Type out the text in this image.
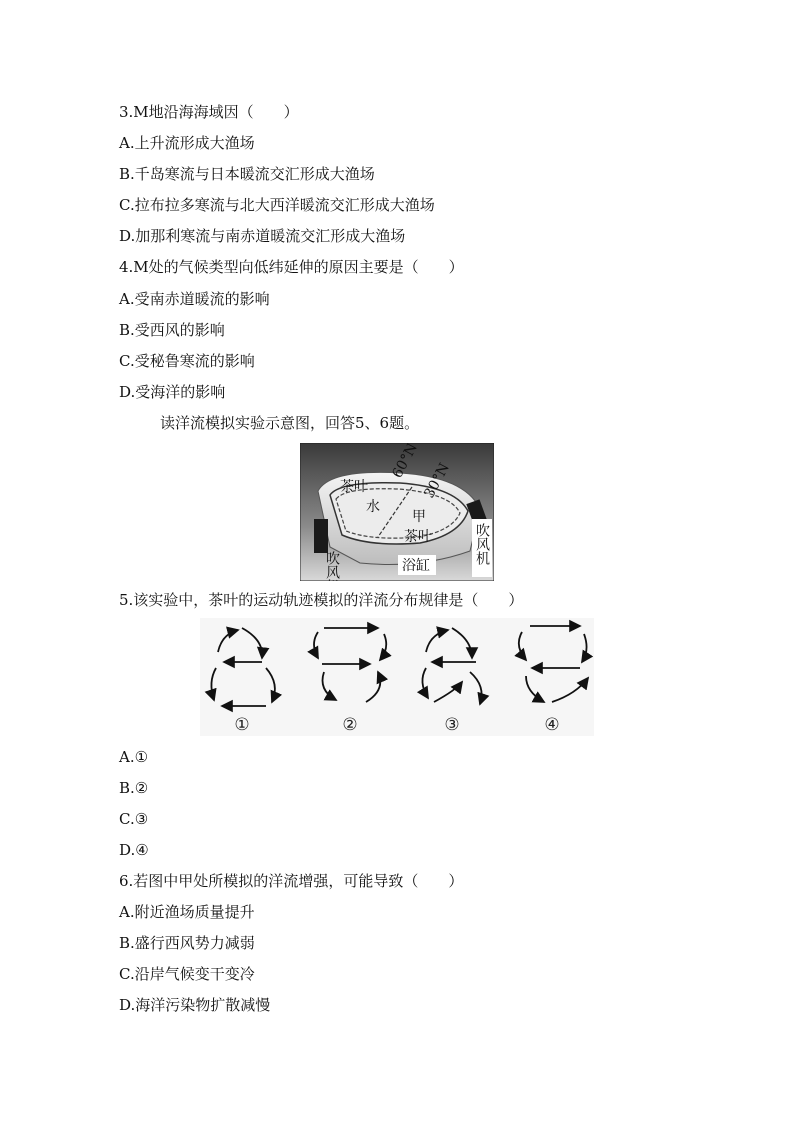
3.M地沿海海域因（　　）
A.上升流形成大渔场
B.千岛寒流与日本暖流交汇形成大渔场
C.拉布拉多寒流与北大西洋暖流交汇形成大渔场
D.加那利寒流与南赤道暖流交汇形成大渔场
4.M处的气候类型向低纬延伸的原因主要是（　　）
A.受南赤道暖流的影响
B.受西风的影响
C.受秘鲁寒流的影响
D.受海洋的影响
读洋流模拟实验示意图，回答5、6题。
茶叶
水
60°N 30°N
甲
茶叶
吹风机	浴缸
吹风机
5.该实验中，茶叶的运动轨迹模拟的洋流分布规律是（　　）
①	②	③	④
A.①
B.②
C.③
D.④
6.若图中甲处所模拟的洋流增强，可能导致（　　）
A.附近渔场质量提升
B.盛行西风势力减弱
C.沿岸气候变干变冷
D.海洋污染物扩散减慢
